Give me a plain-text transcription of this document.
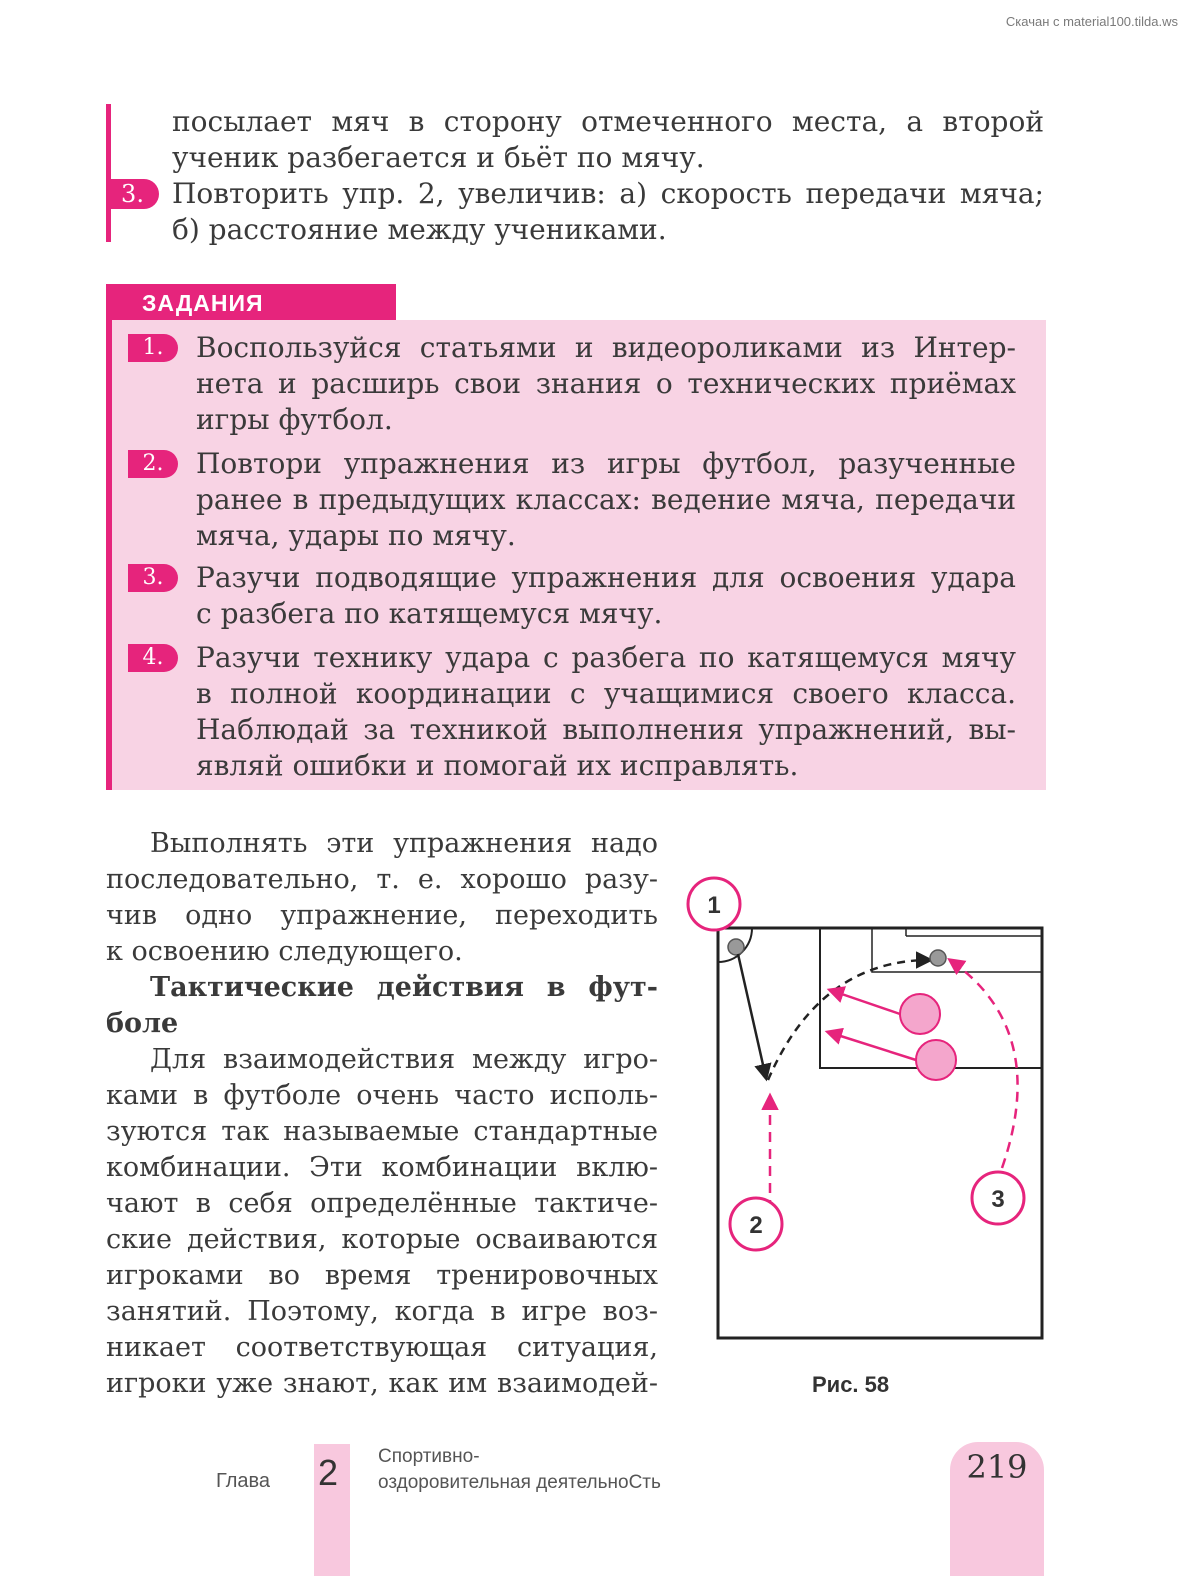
Скачан с material100.tilda.ws
посылает мяч в сторону отмеченного места, а второй
ученик разбегается и бьёт по мячу.
3.	Повторить упр. 2, увеличив: а) скорость передачи мяча;
б) расстояние между учениками.
ЗАДАНИЯ
1.	Воспользуйся статьями и видеороликами из Интер-
нета и расширь свои знания о технических приёмах
игры футбол.
2.	Повтори упражнения из игры футбол, разученные
ранее в предыдущих классах: ведение мяча, передачи
мяча, удары по мячу.
3.	Разучи подводящие упражнения для освоения удара
с разбега по катящемуся мячу.
4.	Разучи технику удара с разбега по катящемуся мячу
в полной координации с учащимися своего класса.
Наблюдай за техникой выполнения упражнений, вы-
являй ошибки и помогай их исправлять.
Выполнять эти упражнения надо
последовательно, т. е. хорошо разу-
чив одно упражнение, переходить
к освоению следующего.
Тактические действия в фут-
боле
Для взаимодействия между игро-
ками в футболе очень часто исполь-
зуются так называемые стандартные
комбинации. Эти комбинации вклю-
чают в себя определённые тактиче-
ские действия, которые осваиваются
игроками во время тренировочных
занятий. Поэтому, когда в игре воз-
никает соответствующая ситуация,
игроки уже знают, как им взаимодей-
1
2
3
Рис. 58
Глава 2 Спортивно-
оздоровительная деятельноСть	219
